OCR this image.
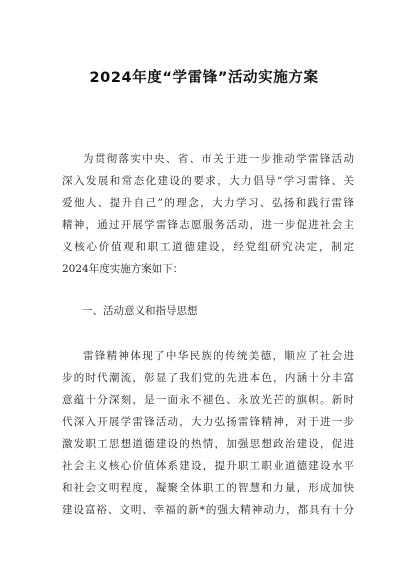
2024年度“学雷锋”活动实施方案
为贯彻落实中央、省、市关于进一步推动学雷锋活动
深入发展和常态化建设的要求，大力倡导“学习雷锋、关
爱他人、提升自己”的理念，大力学习、弘扬和践行雷锋
精神，通过开展学雷锋志愿服务活动，进一步促进社会主
义核心价值观和职工道德建设，经党组研究决定，制定
2024年度实施方案如下：
一、活动意义和指导思想
雷锋精神体现了中华民族的传统美德，顺应了社会进
步的时代潮流，彰显了我们党的先进本色，内涵十分丰富
意蕴十分深刻，是一面永不褪色、永放光芒的旗帜。新时
代深入开展学雷锋活动，大力弘扬雷锋精神，对于进一步
激发职工思想道德建设的热情，加强思想政治建设，促进
社会主义核心价值体系建设，提升职工职业道德建设水平
和社会文明程度，凝聚全体职工的智慧和力量，形成加快
建设富裕、文明、幸福的新*的强大精神动力，都具有十分
